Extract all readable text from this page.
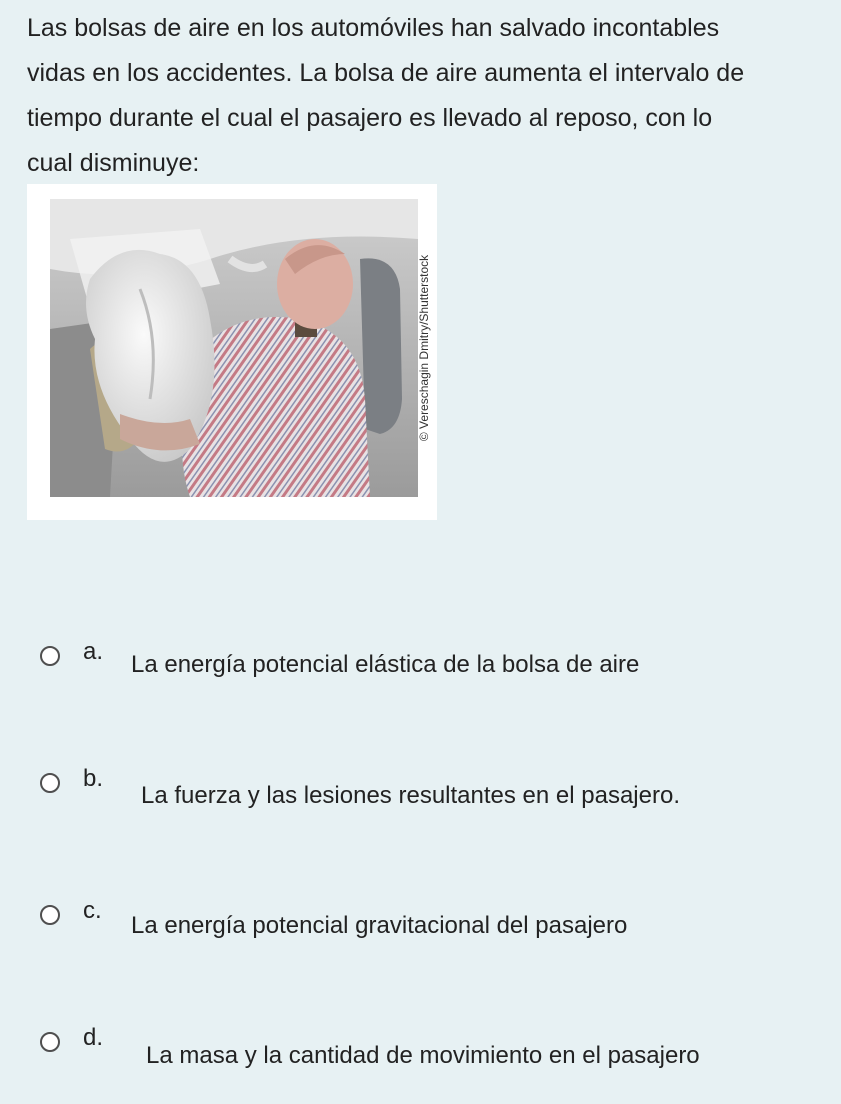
Las bolsas de aire en los automóviles han salvado incontables
vidas en los accidentes. La bolsa de aire aumenta el intervalo de
tiempo durante el cual el pasajero es llevado al reposo, con lo
cual disminuye:
© Vereschagin Dmitry/Shutterstock
a. La energía potencial elástica de la bolsa de aire
b.
La fuerza y las lesiones resultantes en el pasajero.
c.
La energía potencial gravitacional del pasajero
d.
La masa y la cantidad de movimiento en el pasajero
